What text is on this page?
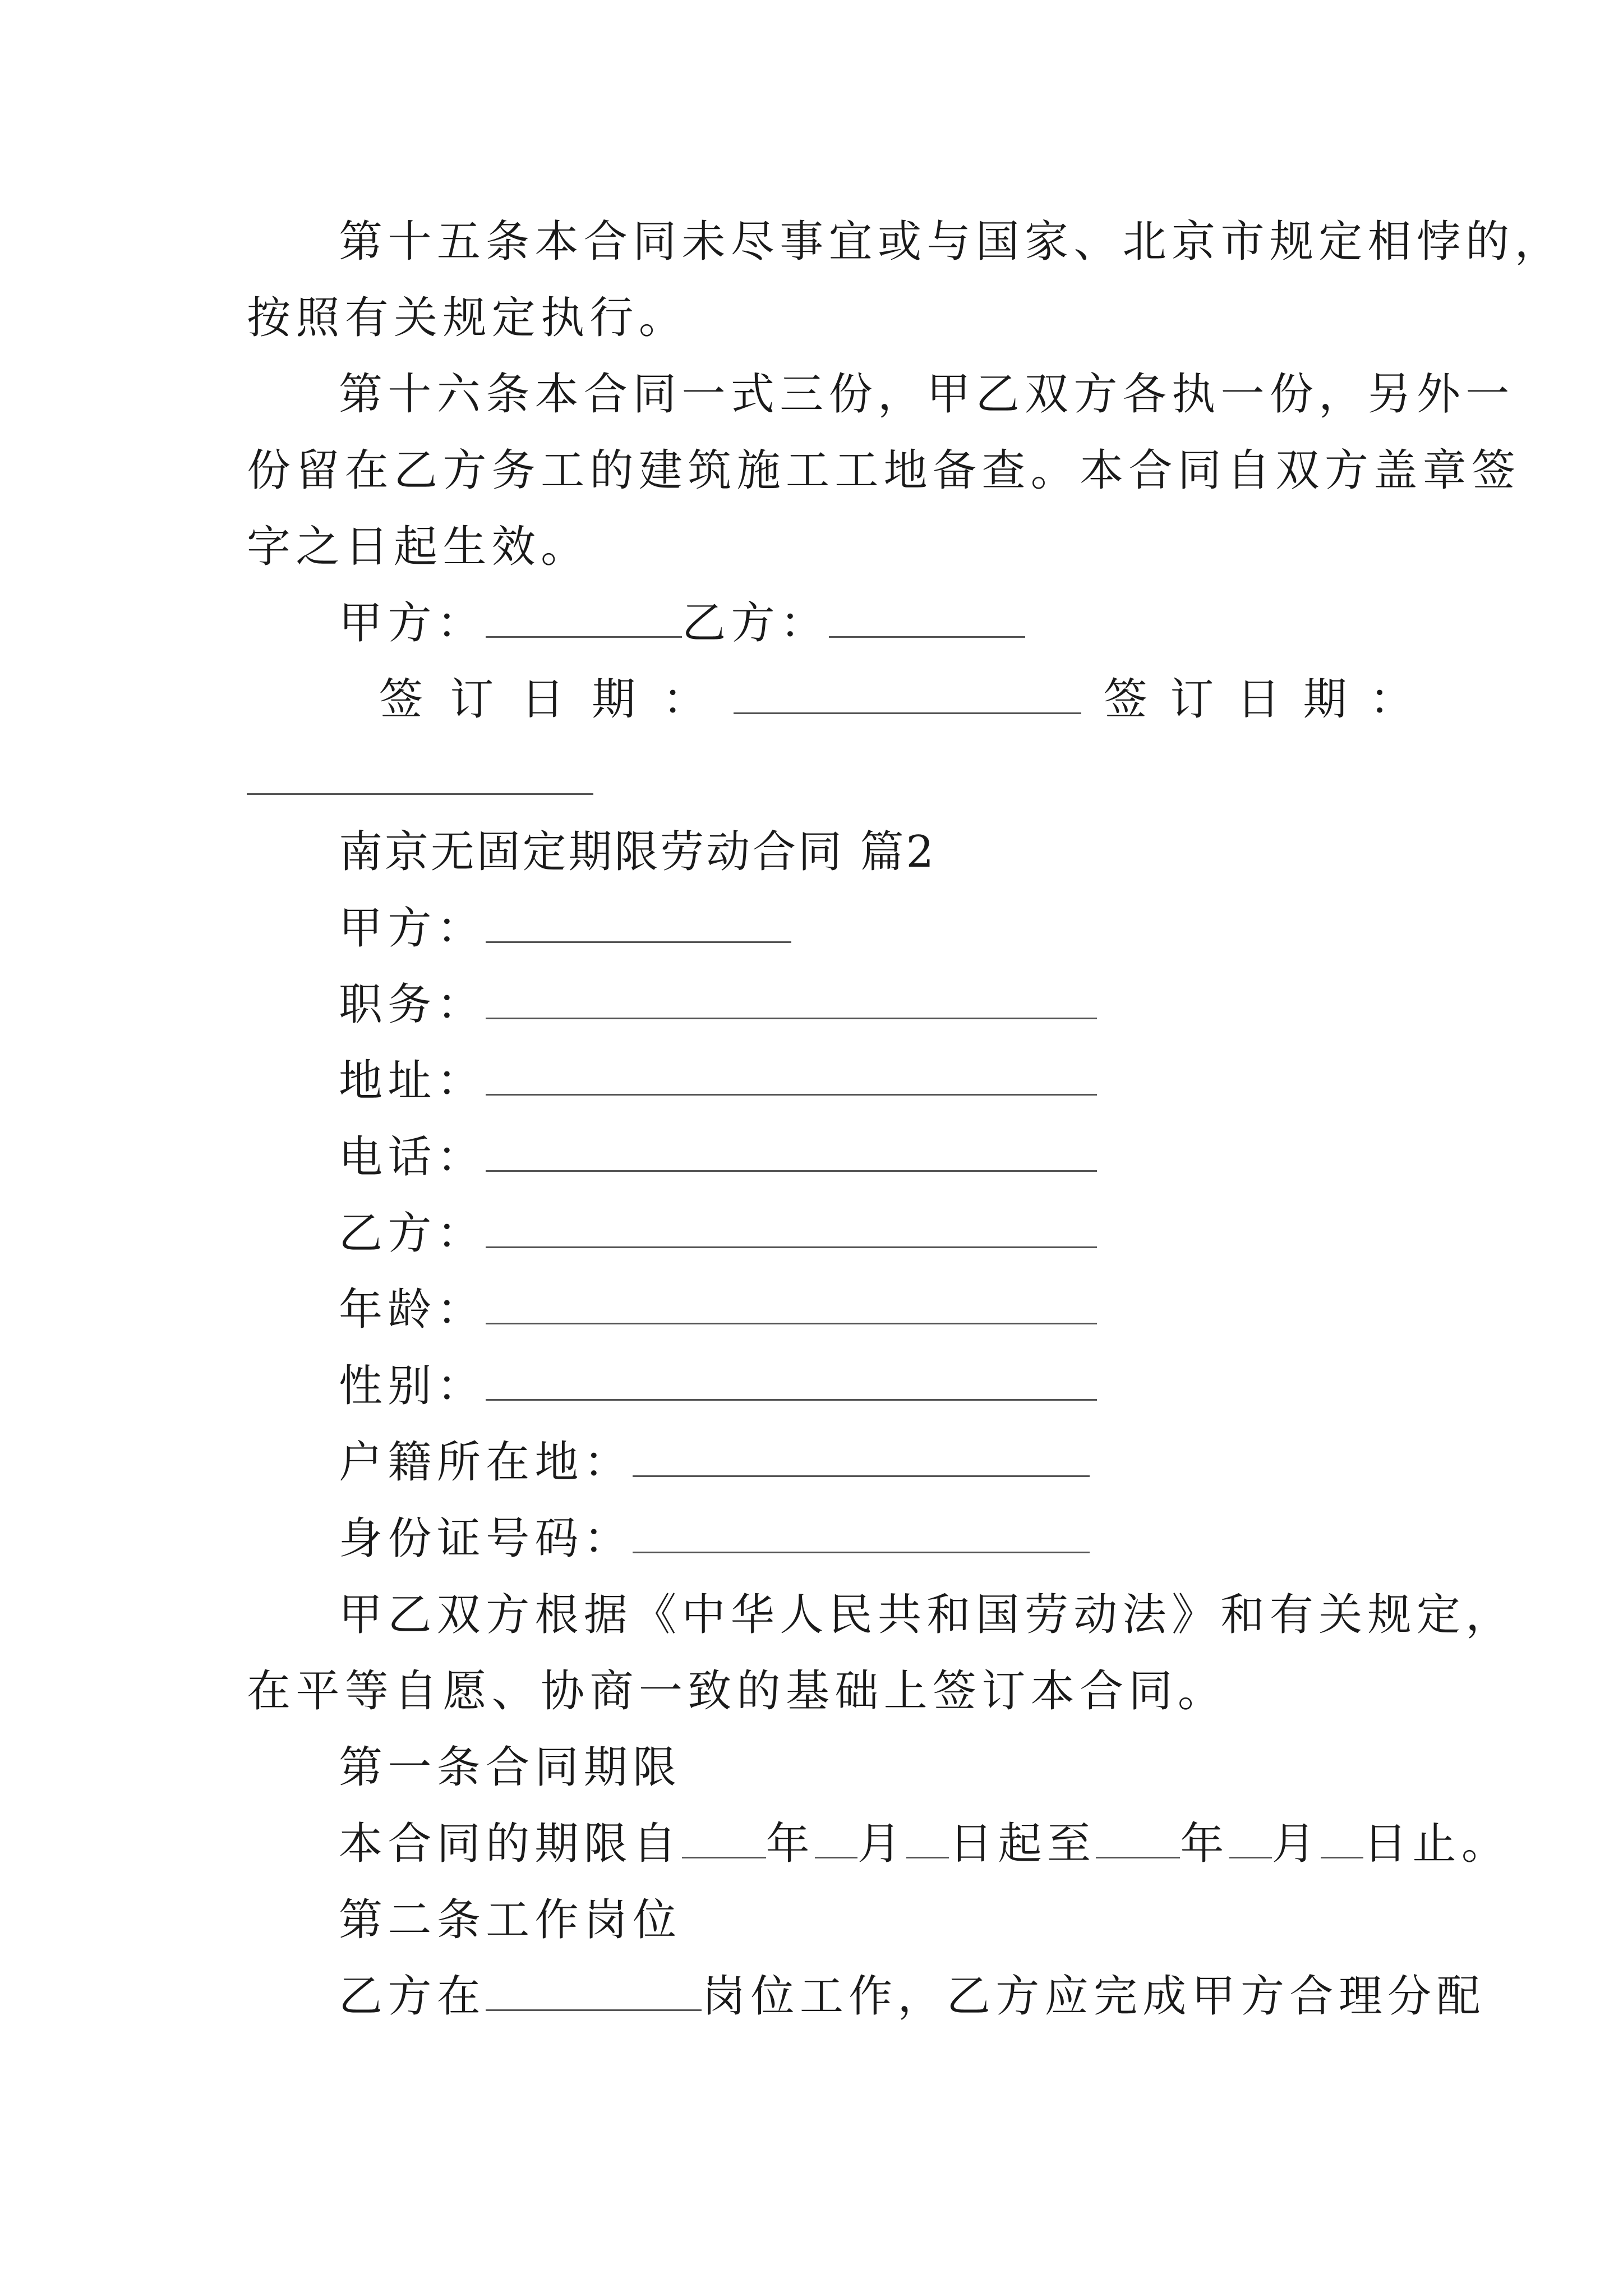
第十五条本合同未尽事宜或与国家、北京市规定相悖的，
按照有关规定执行。
第十六条本合同一式三份，甲乙双方各执一份，另外一
份留在乙方务工的建筑施工工地备查。本合同自双方盖章签
字之日起生效。
甲方：	乙方：
签订日期：	签订日期：
南京无固定期限劳动合同 篇2
甲方：
职务：
地址：
电话：
乙方：
年龄：
性别：
户籍所在地：
身份证号码：
甲乙双方根据《中华人民共和国劳动法》和有关规定，
在平等自愿、协商一致的基础上签订本合同。
第一条合同期限
本合同的期限自 年 月 日起至 年 月 日止。
第二条工作岗位
乙方在	岗位工作，乙方应完成甲方合理分配
